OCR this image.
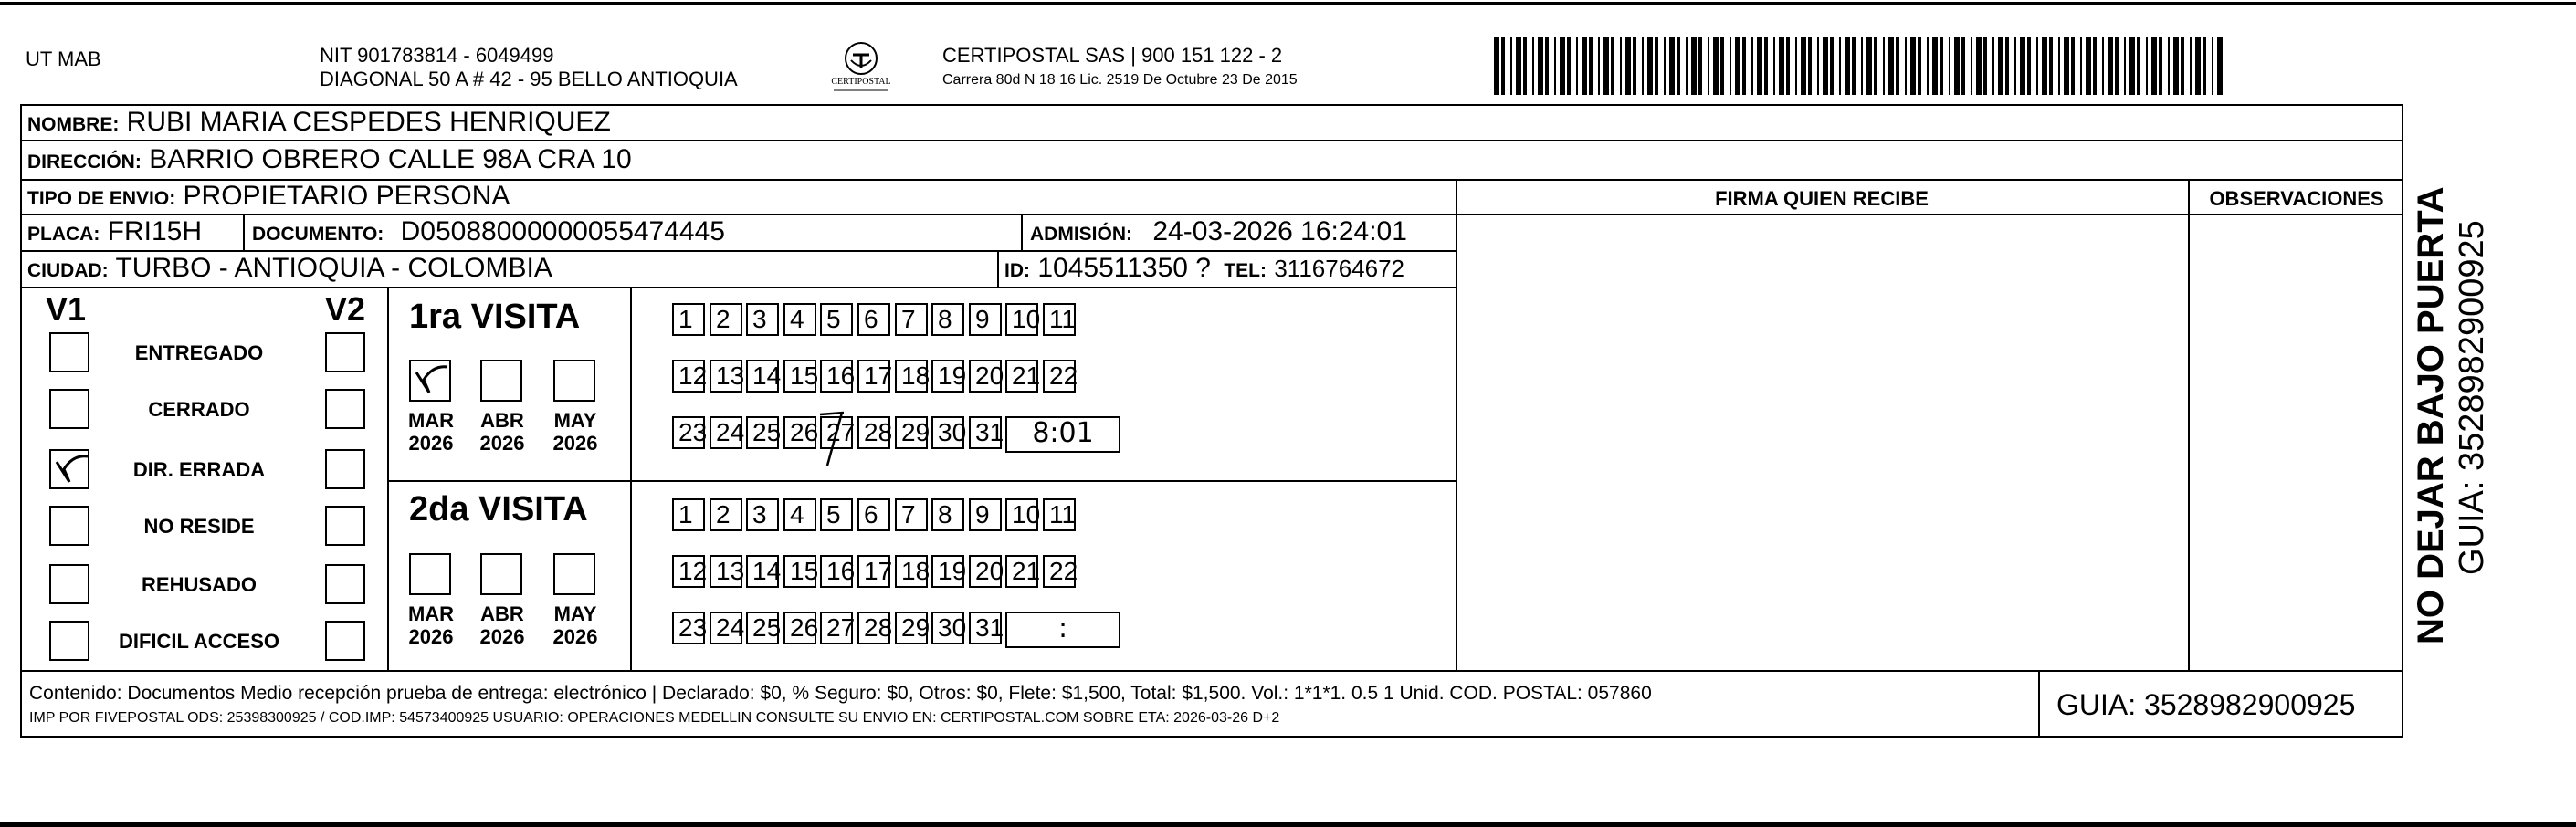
UT MAB	NIT 901783814 - 6049499
DIAGONAL 50 A # 42 - 95 BELLO ANTIOQUIA	CERTIPOSTAL
CERTIPOSTAL SAS | 900 151 122 - 2
Carrera 80d N 18 16 Lic. 2519 De Octubre 23 De 2015
NOMBRE: RUBI MARIA CESPEDES HENRIQUEZ
DIRECCIÓN: BARRIO OBRERO CALLE 98A CRA 10
TIPO DE ENVIO: PROPIETARIO PERSONA
PLACA: FRI15H	DOCUMENTO: D05088000000055474445	ADMISIÓN: 24-03-2026 16:24:01
CIUDAD: TURBO - ANTIOQUIA - COLOMBIA	ID: 1045511350 ? TEL: 3116764672
FIRMA QUIEN RECIBE	OBSERVACIONES
V1	V2
ENTREGADO
CERRADO
DIR. ERRADA
NO RESIDE
REHUSADO
DIFICIL ACCESO
1ra VISITA
MAR
2026
ABR
2026
MAY
2026
1 2 3 4 5 6 7 8 9 10 11
12 13 14 15 16 17 18 19 20 21 22
23 24 25 26 27 28 29 30 31	8:01
2da VISITA
MAR
2026
ABR
2026
MAY
2026
1 2 3 4 5 6 7 8 9 10 11
12 13 14 15 16 17 18 19 20 21 22
23 24 25 26 27 28 29 30 31	:
Contenido: Documentos Medio recepción prueba de entrega: electrónico | Declarado: $0, % Seguro: $0, Otros: $0, Flete: $1,500, Total: $1,500. Vol.: 1*1*1. 0.5 1 Unid. COD. POSTAL: 057860
IMP POR FIVEPOSTAL ODS: 25398300925 / COD.IMP: 54573400925 USUARIO: OPERACIONES MEDELLIN CONSULTE SU ENVIO EN: CERTIPOSTAL.COM SOBRE ETA: 2026-03-26 D+2	GUIA: 3528982900925
NO DEJAR BAJO PUERTA GUIA: 3528982900925
